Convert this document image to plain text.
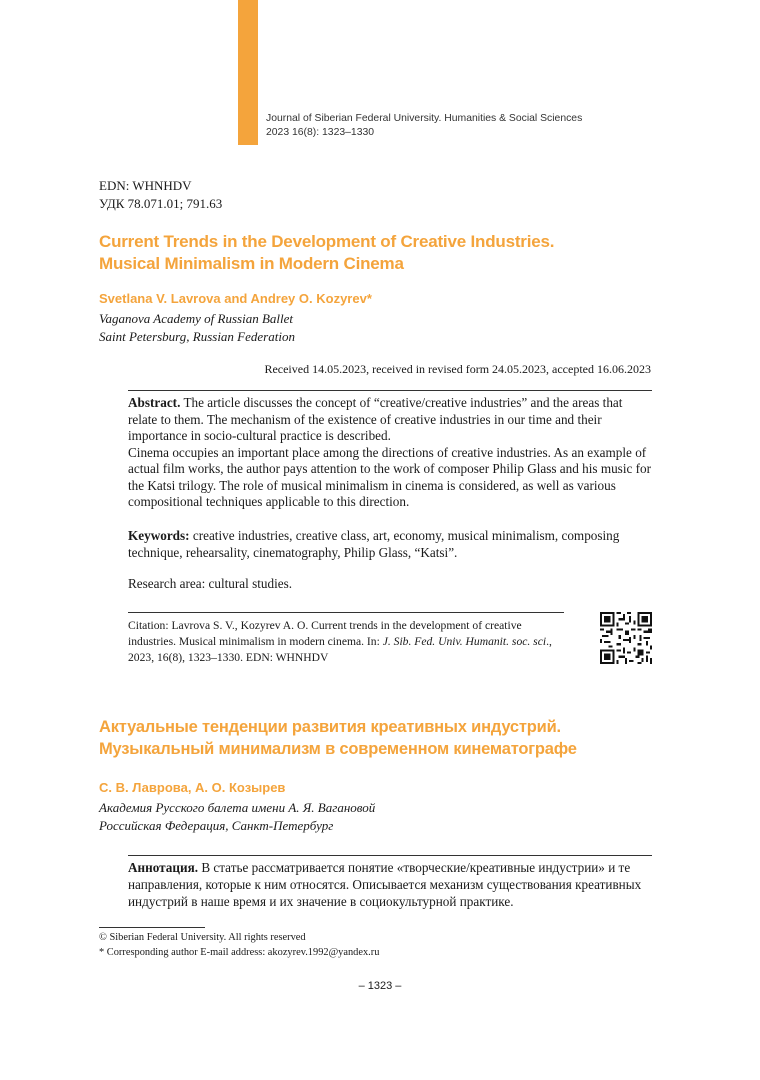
Journal of Siberian Federal University. Humanities & Social Sciences
2023 16(8): 1323–1330
EDN: WHNHDV
УДК 78.071.01; 791.63
Current Trends in the Development of Creative Industries.
Musical Minimalism in Modern Cinema
Svetlana V. Lavrova and Andrey O. Kozyrev*
Vaganova Academy of Russian Ballet
Saint Petersburg, Russian Federation
Received 14.05.2023, received in revised form 24.05.2023, accepted 16.06.2023

Abstract. The article discusses the concept of “creative/creative industries” and the areas that relate to them. The mechanism of the existence of creative industries in our time and their importance in socio-cultural practice is described.

Cinema occupies an important place among the directions of creative industries. As an example of actual film works, the author pays attention to the work of composer Philip Glass and his music for the Katsi trilogy. The role of musical minimalism in cinema is considered, as well as various compositional techniques applicable to this direction.

Keywords: creative industries, creative class, art, economy, musical minimalism, composing technique, rehearsality, cinematography, Philip Glass, “Katsi”.
Research area: cultural studies.
Citation: Lavrova S. V., Kozyrev A. O. Current trends in the development of creative industries. Musical minimalism in modern cinema. In: J. Sib. Fed. Univ. Humanit. soc. sci., 2023, 16(8), 1323–1330. EDN: WHNHDV
Актуальные тенденции развития креативных индустрий.
Музыкальный минимализм в современном кинематографе
С. В. Лаврова, А. О. Козырев
Академия Русского балета имени А. Я. Вагановой
Российская Федерация, Санкт-Петербург
Аннотация. В статье рассматривается понятие «творческие/креативные индустрии» и те направления, которые к ним относятся. Описывается механизм существования креативных индустрий в наше время и их значение в социокультурной практике.
© Siberian Federal University. All rights reserved
* Corresponding author E-mail address: akozyrev.1992@yandex.ru
– 1323 –
